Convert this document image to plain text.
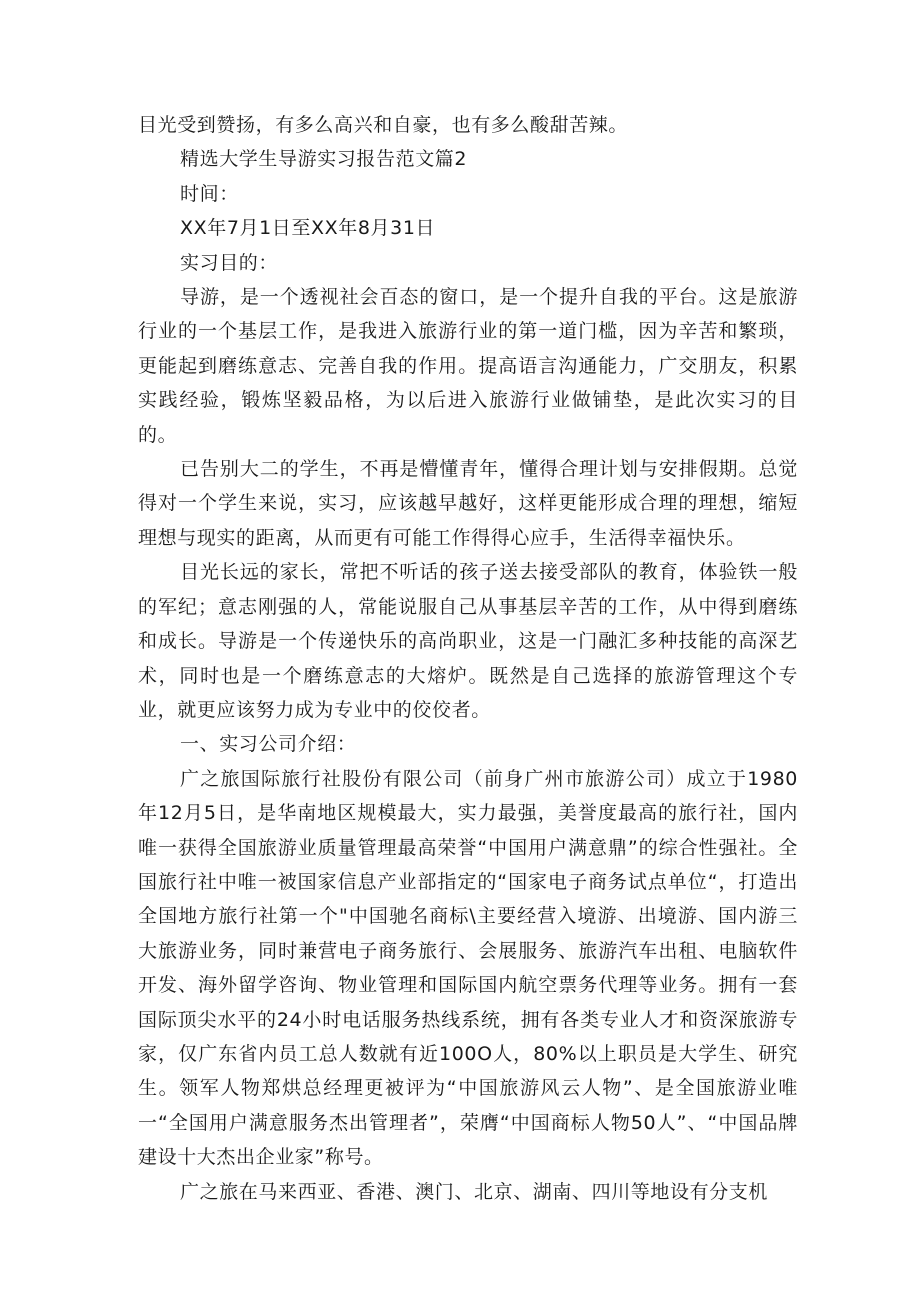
目光受到赞扬，有多么高兴和自豪，也有多么酸甜苦辣。

精选大学生导游实习报告范文篇2

时间：

XX年7月1日至XX年8月31日

实习目的：

导游，是一个透视社会百态的窗口，是一个提升自我的平台。这是旅游行业的一个基层工作，是我进入旅游行业的第一道门槛，因为辛苦和繁琐，更能起到磨练意志、完善自我的作用。提高语言沟通能力，广交朋友，积累实践经验，锻炼坚毅品格，为以后进入旅游行业做铺垫，是此次实习的目的。

已告别大二的学生，不再是懵懂青年，懂得合理计划与安排假期。总觉得对一个学生来说，实习，应该越早越好，这样更能形成合理的理想，缩短理想与现实的距离，从而更有可能工作得得心应手，生活得幸福快乐。

目光长远的家长，常把不听话的孩子送去接受部队的教育，体验铁一般的军纪；意志刚强的人，常能说服自己从事基层辛苦的工作，从中得到磨练和成长。导游是一个传递快乐的高尚职业，这是一门融汇多种技能的高深艺术，同时也是一个磨练意志的大熔炉。既然是自己选择的旅游管理这个专业，就更应该努力成为专业中的佼佼者。

一、实习公司介绍：

广之旅国际旅行社股份有限公司（前身广州市旅游公司）成立于1980年12月5日，是华南地区规模最大，实力最强，美誉度最高的旅行社，国内唯一获得全国旅游业质量管理最高荣誉“中国用户满意鼎”的综合性强社。全国旅行社中唯一被国家信息产业部指定的“国家电子商务试点单位“，打造出全国地方旅行社第一个"中国驰名商标\主要经营入境游、出境游、国内游三大旅游业务，同时兼营电子商务旅行、会展服务、旅游汽车出租、电脑软件开发、海外留学咨询、物业管理和国际国内航空票务代理等业务。拥有一套国际顶尖水平的24小时电话服务热线系统，拥有各类专业人才和资深旅游专家，仅广东省内员工总人数就有近100O人，80%以上职员是大学生、研究生。领军人物郑烘总经理更被评为“中国旅游风云人物”、是全国旅游业唯一“全国用户满意服务杰出管理者”，荣膺“中国商标人物50人”、“中国品牌建设十大杰出企业家”称号。

广之旅在马来西亚、香港、澳门、北京、湖南、四川等地设有分支机
